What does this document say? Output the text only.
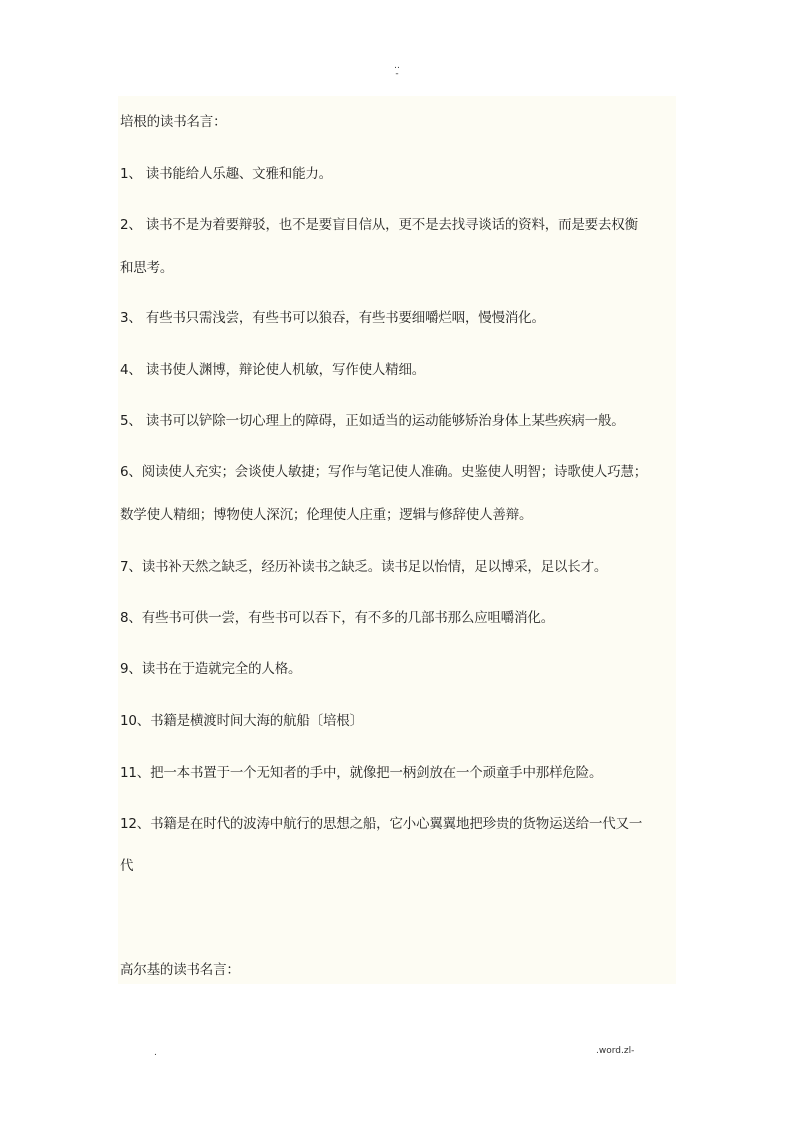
..
-

培根的读书名言：

1、 读书能给人乐趣、文雅和能力。

2、 读书不是为着要辩驳，也不是要盲目信从，更不是去找寻谈话的资料，而是要去权衡

和思考。

3、 有些书只需浅尝，有些书可以狼吞，有些书要细嚼烂咽，慢慢消化。

4、 读书使人渊博，辩论使人机敏，写作使人精细。

5、 读书可以铲除一切心理上的障碍，正如适当的运动能够矫治身体上某些疾病一般。

6、阅读使人充实；会谈使人敏捷；写作与笔记使人准确。史鉴使人明智；诗歌使人巧慧；

数学使人精细；博物使人深沉；伦理使人庄重；逻辑与修辞使人善辩。

7、读书补天然之缺乏，经历补读书之缺乏。读书足以怡情，足以博采，足以长才。

8、有些书可供一尝，有些书可以吞下，有不多的几部书那么应咀嚼消化。

9、读书在于造就完全的人格。

10、书籍是横渡时间大海的航船〔培根〕

11、把一本书置于一个无知者的手中，就像把一柄剑放在一个顽童手中那样危险。

12、书籍是在时代的波涛中航行的思想之船，它小心翼翼地把珍贵的货物运送给一代又一

代

高尔基的读书名言：

.	.word.zl-
